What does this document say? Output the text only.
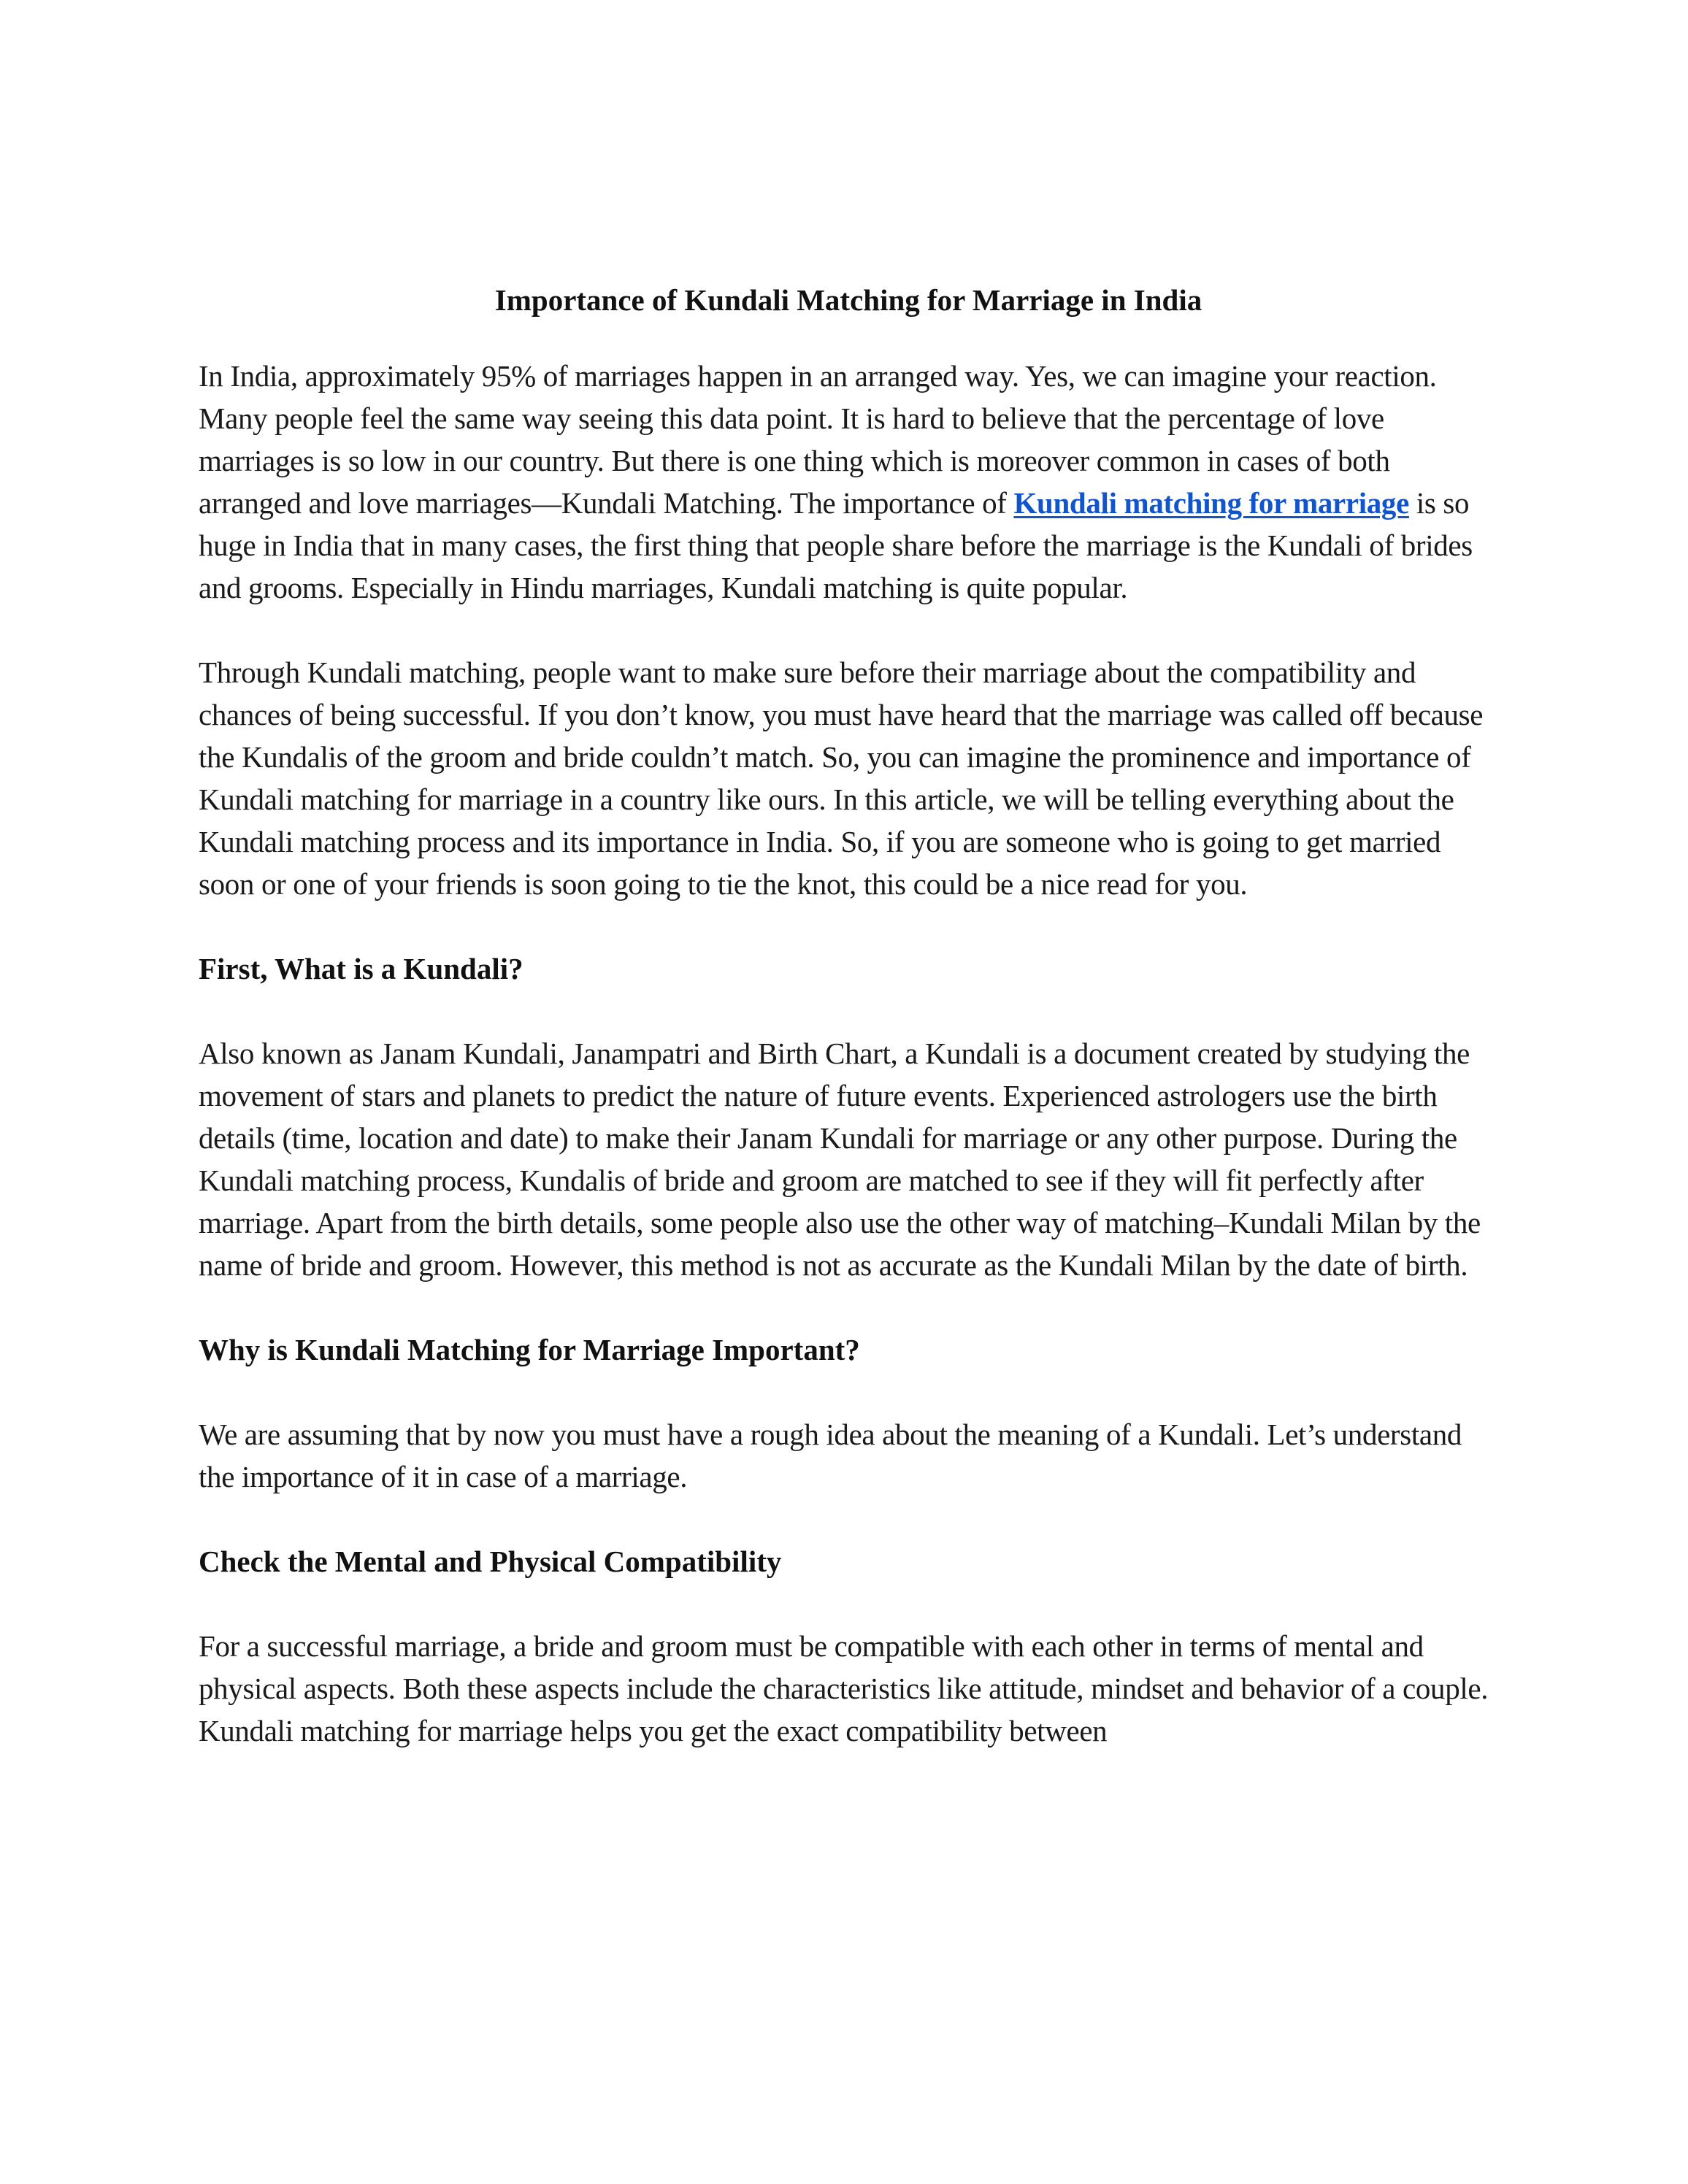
Importance of Kundali Matching for Marriage in India

In India, approximately 95% of marriages happen in an arranged way. Yes, we can imagine your reaction. Many people feel the same way seeing this data point. It is hard to believe that the percentage of love marriages is so low in our country. But there is one thing which is moreover common in cases of both arranged and love marriages—Kundali Matching. The importance of Kundali matching for marriage is so huge in India that in many cases, the first thing that people share before the marriage is the Kundali of brides and grooms. Especially in Hindu marriages, Kundali matching is quite popular.

Through Kundali matching, people want to make sure before their marriage about the compatibility and chances of being successful. If you don’t know, you must have heard that the marriage was called off because the Kundalis of the groom and bride couldn’t match. So, you can imagine the prominence and importance of Kundali matching for marriage in a country like ours. In this article, we will be telling everything about the Kundali matching process and its importance in India. So, if you are someone who is going to get married soon or one of your friends is soon going to tie the knot, this could be a nice read for you.

First, What is a Kundali?

Also known as Janam Kundali, Janampatri and Birth Chart, a Kundali is a document created by studying the movement of stars and planets to predict the nature of future events. Experienced astrologers use the birth details (time, location and date) to make their Janam Kundali for marriage or any other purpose. During the Kundali matching process, Kundalis of bride and groom are matched to see if they will fit perfectly after marriage. Apart from the birth details, some people also use the other way of matching–Kundali Milan by the name of bride and groom. However, this method is not as accurate as the Kundali Milan by the date of birth.

Why is Kundali Matching for Marriage Important?

We are assuming that by now you must have a rough idea about the meaning of a Kundali. Let’s understand the importance of it in case of a marriage.

Check the Mental and Physical Compatibility

For a successful marriage, a bride and groom must be compatible with each other in terms of mental and physical aspects. Both these aspects include the characteristics like attitude, mindset and behavior of a couple. Kundali matching for marriage helps you get the exact compatibility between
